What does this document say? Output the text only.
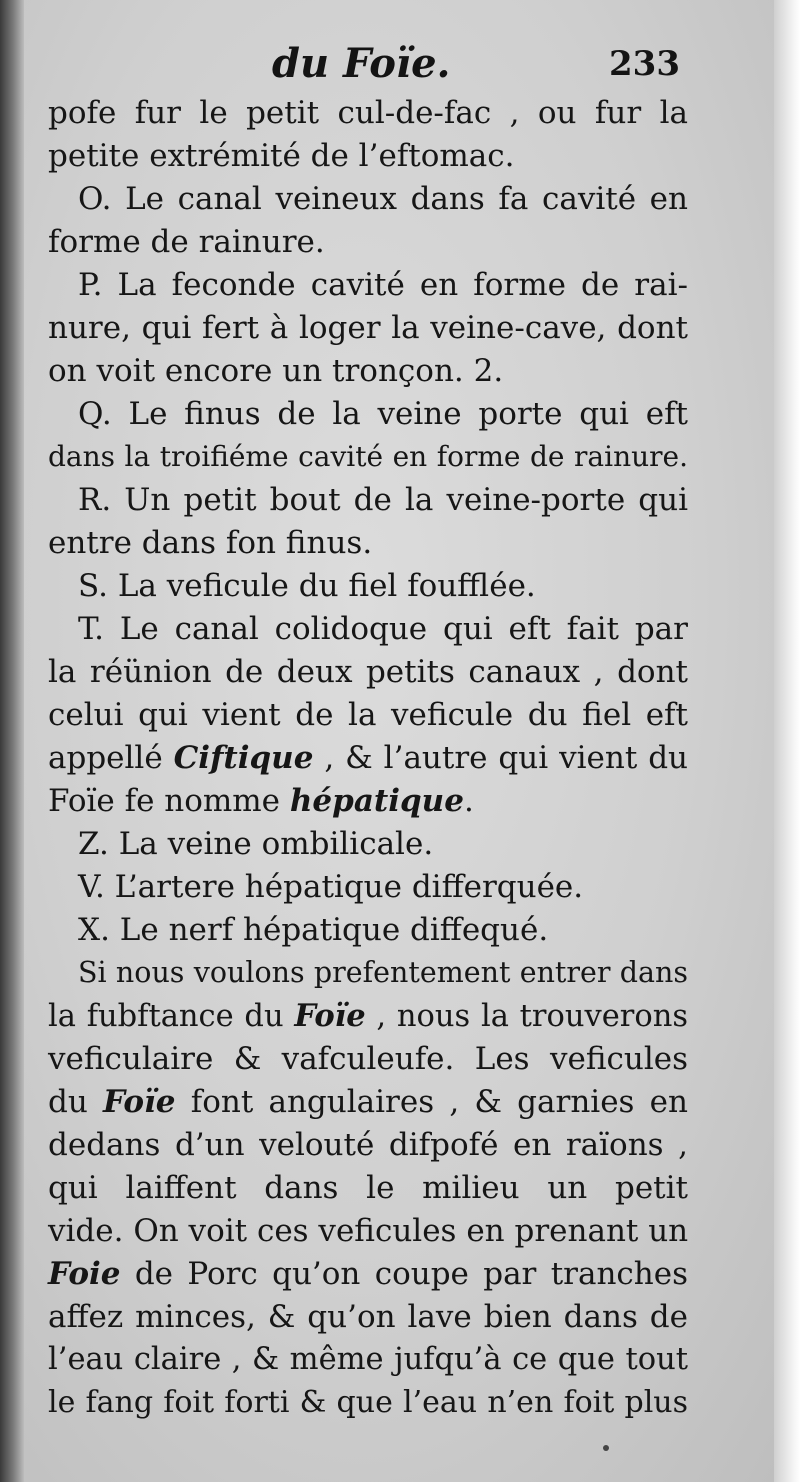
du Foïe.	233
pofe fur le petit cul-de-fac , ou fur la
petite extrémité de l’eftomac.
O. Le canal veineux dans fa cavité en
forme de rainure.
P. La feconde cavité en forme de rai-
nure, qui fert à loger la veine-cave, dont
on voit encore un tronçon. 2.
Q. Le finus de la veine porte qui eft
dans la troifiéme cavité en forme de rainure.
R. Un petit bout de la veine-porte qui
entre dans fon finus.
S. La veficule du fiel foufflée.
T. Le canal colidoque qui eft fait par
la réünion de deux petits canaux , dont
celui qui vient de la veficule du fiel eft
appellé Ciftique , & l’autre qui vient du
Foïe fe nomme hépatique.
Z. La veine ombilicale.
V. L’artere hépatique differquée.
X. Le nerf hépatique diffequé.
Si nous voulons prefentement entrer dans
la fubftance du Foïe , nous la trouverons
veficulaire & vafculeufe. Les veficules
du Foïe font angulaires , & garnies en
dedans d’un velouté difpofé en raïons ,
qui laiffent dans le milieu un petit
vide. On voit ces veficules en prenant un
Foie de Porc qu’on coupe par tranches
affez minces, & qu’on lave bien dans de
l’eau claire , & même jufqu’à ce que tout
le fang foit forti & que l’eau n’en foit plus
